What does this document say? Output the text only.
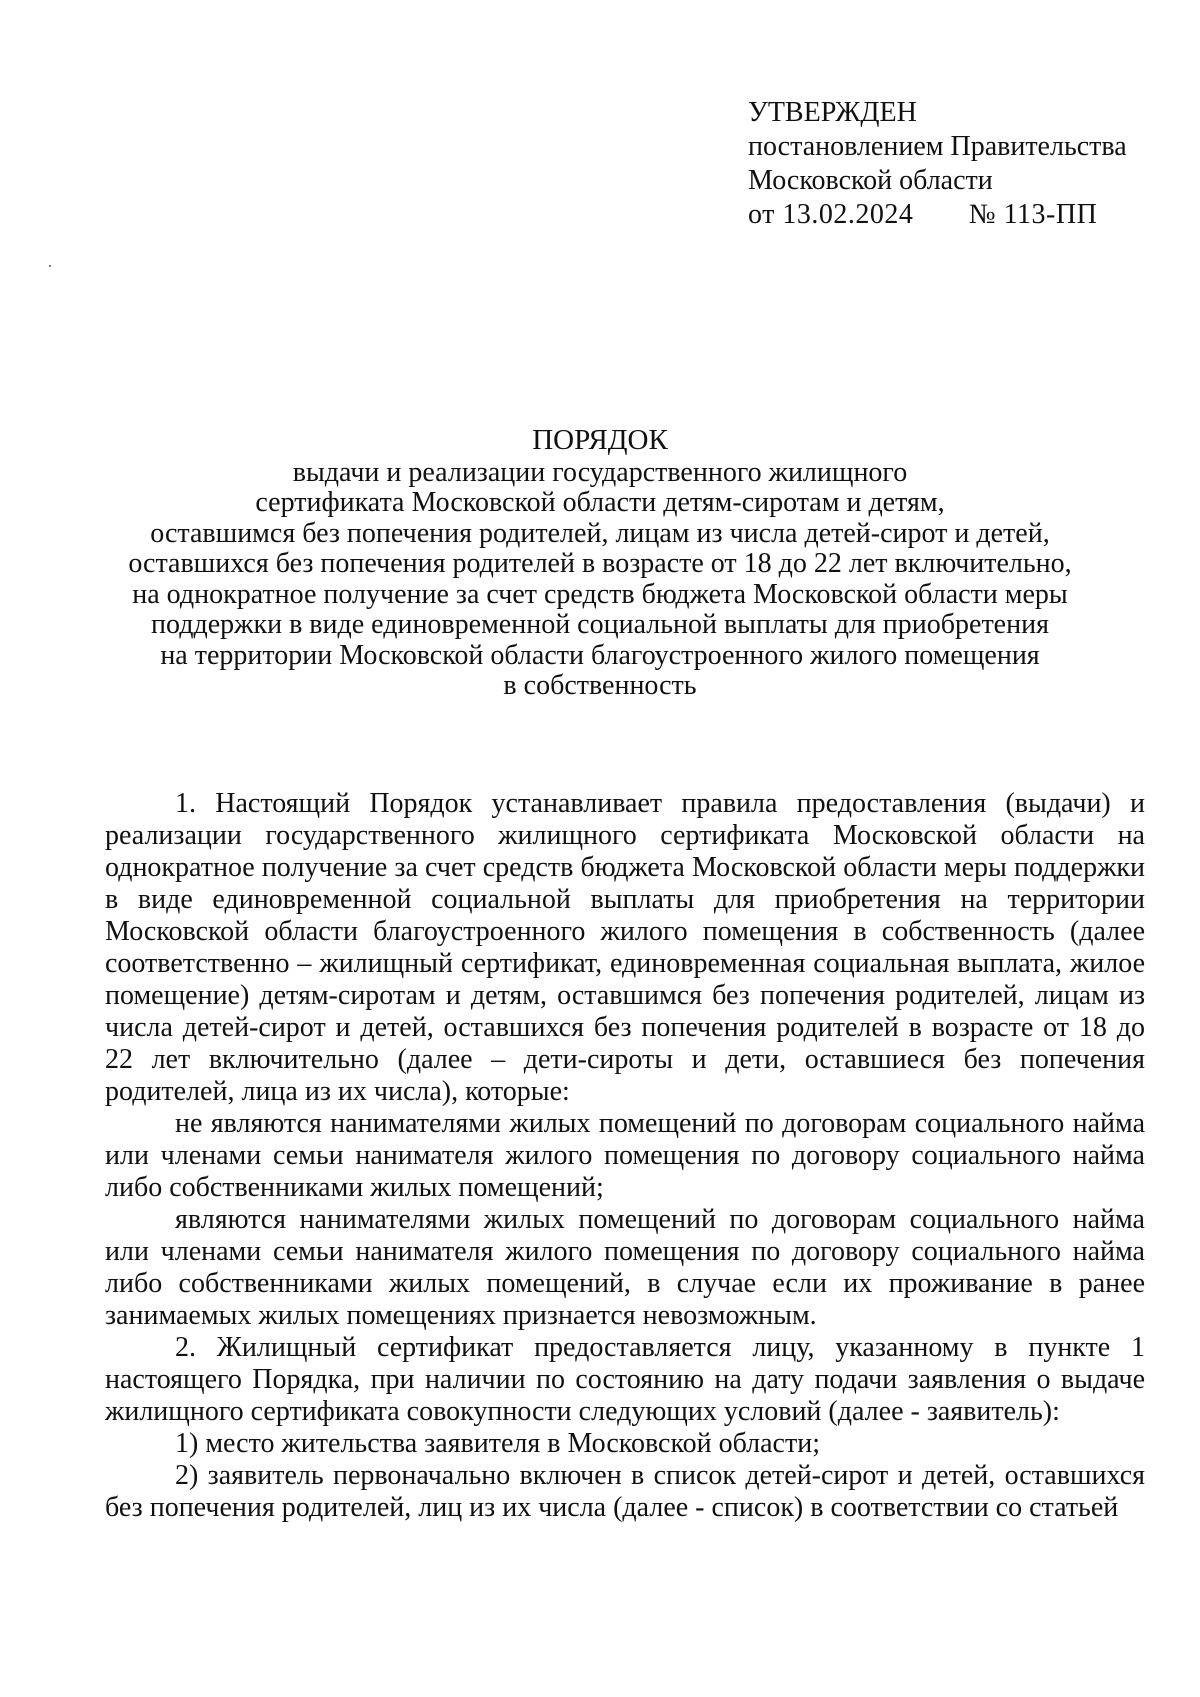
УТВЕРЖДЕН
постановлением Правительства
Московской области
от 13.02.2024 № 113-ПП
ПОРЯДОК
выдачи и реализации государственного жилищного
сертификата Московской области детям-сиротам и детям,
оставшимся без попечения родителей, лицам из числа детей-сирот и детей,
оставшихся без попечения родителей в возрасте от 18 до 22 лет включительно,
на однократное получение за счет средств бюджета Московской области меры
поддержки в виде единовременной социальной выплаты для приобретения
на территории Московской области благоустроенного жилого помещения
в собственность

1. Настоящий Порядок устанавливает правила предоставления (выдачи) и реализации государственного жилищного сертификата Московской области на однократное получение за счет средств бюджета Московской области меры поддержки в виде единовременной социальной выплаты для приобретения на территории Московской области благоустроенного жилого помещения в собственность (далее соответственно – жилищный сертификат, единовременная социальная выплата, жилое помещение) детям-сиротам и детям, оставшимся без попечения родителей, лицам из числа детей-сирот и детей, оставшихся без попечения родителей в возрасте от 18 до 22 лет включительно (далее – дети-сироты и дети, оставшиеся без попечения родителей, лица из их числа), которые:

не являются нанимателями жилых помещений по договорам социального найма или членами семьи нанимателя жилого помещения по договору социального найма либо собственниками жилых помещений;

являются нанимателями жилых помещений по договорам социального найма или членами семьи нанимателя жилого помещения по договору социального найма либо собственниками жилых помещений, в случае если их проживание в ранее занимаемых жилых помещениях признается невозможным.

2. Жилищный сертификат предоставляется лицу, указанному в пункте 1 настоящего Порядка, при наличии по состоянию на дату подачи заявления о выдаче жилищного сертификата совокупности следующих условий (далее - заявитель):

1) место жительства заявителя в Московской области;

2) заявитель первоначально включен в список детей-сирот и детей, оставшихся без попечения родителей, лиц из их числа (далее - список) в соответствии со статьей
